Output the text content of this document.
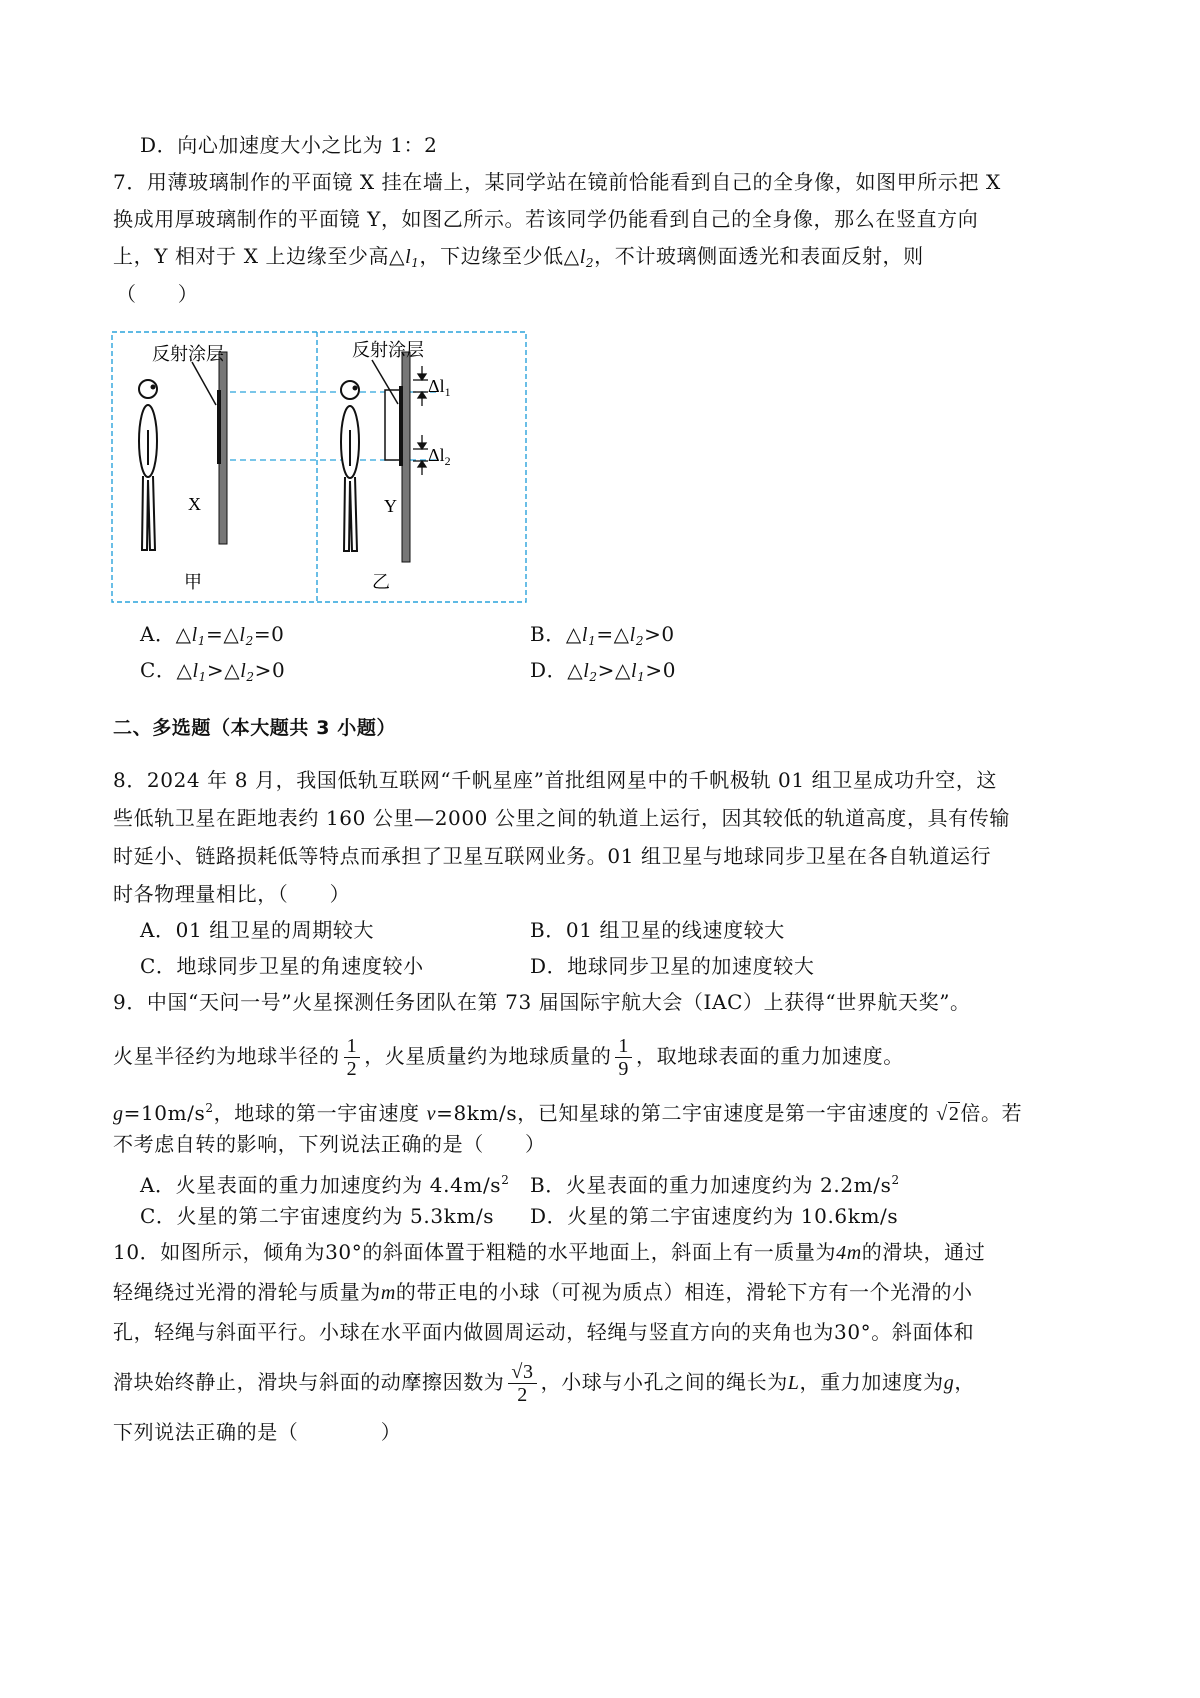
D．向心加速度大小之比为 1：2
7．用薄玻璃制作的平面镜 X 挂在墙上，某同学站在镜前恰能看到自己的全身像，如图甲所示把 X
换成用厚玻璃制作的平面镜 Y，如图乙所示。若该同学仍能看到自己的全身像，那么在竖直方向
上，Y 相对于 X 上边缘至少高$\triangle l_1$，下边缘至少低$\triangle l_2$，不计玻璃侧面透光和表面反射，则
（　　）
反射涂层
X
甲
反射涂层
Y
乙
$\Delta l_1$
$\Delta l_2$
A．$\triangle l_1=\triangle l_2=0$	B．$\triangle l_1=\triangle l_2>0$
C．$\triangle l_1>\triangle l_2>0$	D．$\triangle l_2>\triangle l_1>0$
二、多选题（本大题共 3 小题）
8．2024 年 8 月，我国低轨互联网“千帆星座”首批组网星中的千帆极轨 01 组卫星成功升空，这
些低轨卫星在距地表约 160 公里—2000 公里之间的轨道上运行，因其较低的轨道高度，具有传输
时延小、链路损耗低等特点而承担了卫星互联网业务。01 组卫星与地球同步卫星在各自轨道运行
时各物理量相比，（　　）
A．01 组卫星的周期较大	B．01 组卫星的线速度较大
C．地球同步卫星的角速度较小	D．地球同步卫星的加速度较大
9．中国“天问一号”火星探测任务团队在第 73 届国际宇航大会（IAC）上获得“世界航天奖”。
火星半径约为地球半径的 $\frac{1}{2}$ ，火星质量约为地球质量的 $\frac{1}{9}$ ，取地球表面的重力加速度。
$g=10m/s^2$，地球的第一宇宙速度 v=8km/s，已知星球的第二宇宙速度是第一宇宙速度的 √2倍。若
不考虑自转的影响，下列说法正确的是（　　）
A．火星表面的重力加速度约为 $4.4m/s^2$ B．火星表面的重力加速度约为 $2.2m/s^2$
C．火星的第二宇宙速度约为 5.3km/s D．火星的第二宇宙速度约为 10.6km/s
10．如图所示，倾角为30°的斜面体置于粗糙的水平地面上，斜面上有一质量为4m的滑块，通过
轻绳绕过光滑的滑轮与质量为m的带正电的小球（可视为质点）相连，滑轮下方有一个光滑的小
孔，轻绳与斜面平行。小球在水平面内做圆周运动，轻绳与竖直方向的夹角也为30°。斜面体和
滑块始终静止，滑块与斜面的动摩擦因数为 $\frac{√3}{2}$ ，小球与小孔之间的绳长为L，重力加速度为g，
下列说法正确的是（　　　　）
